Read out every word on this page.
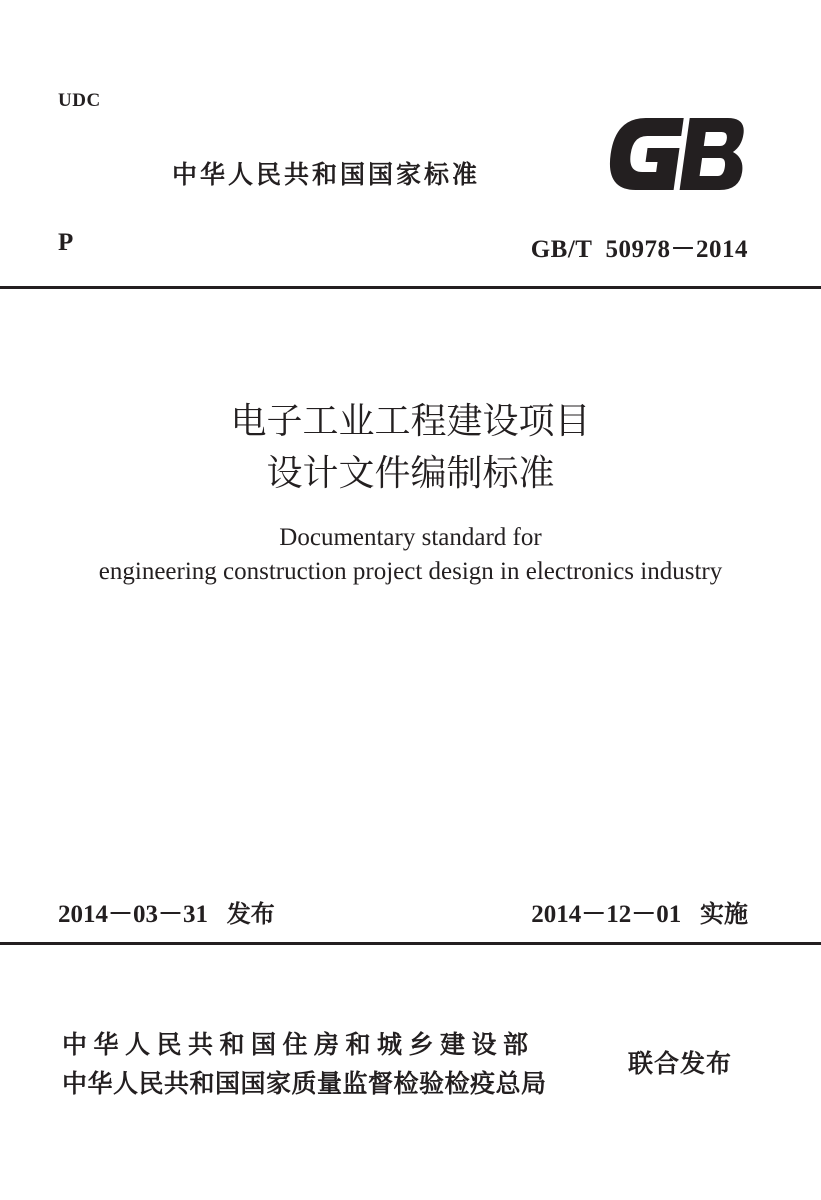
UDC
中华人民共和国国家标准
P	GB/T  50978－2014
电子工业工程建设项目
设计文件编制标准
Documentary standard for
engineering construction project design in electronics industry
2014－03－31 发布	2014－12－01 实施
中华人民共和国住房和城乡建设部
中华人民共和国国家质量监督检验检疫总局
联合发布
